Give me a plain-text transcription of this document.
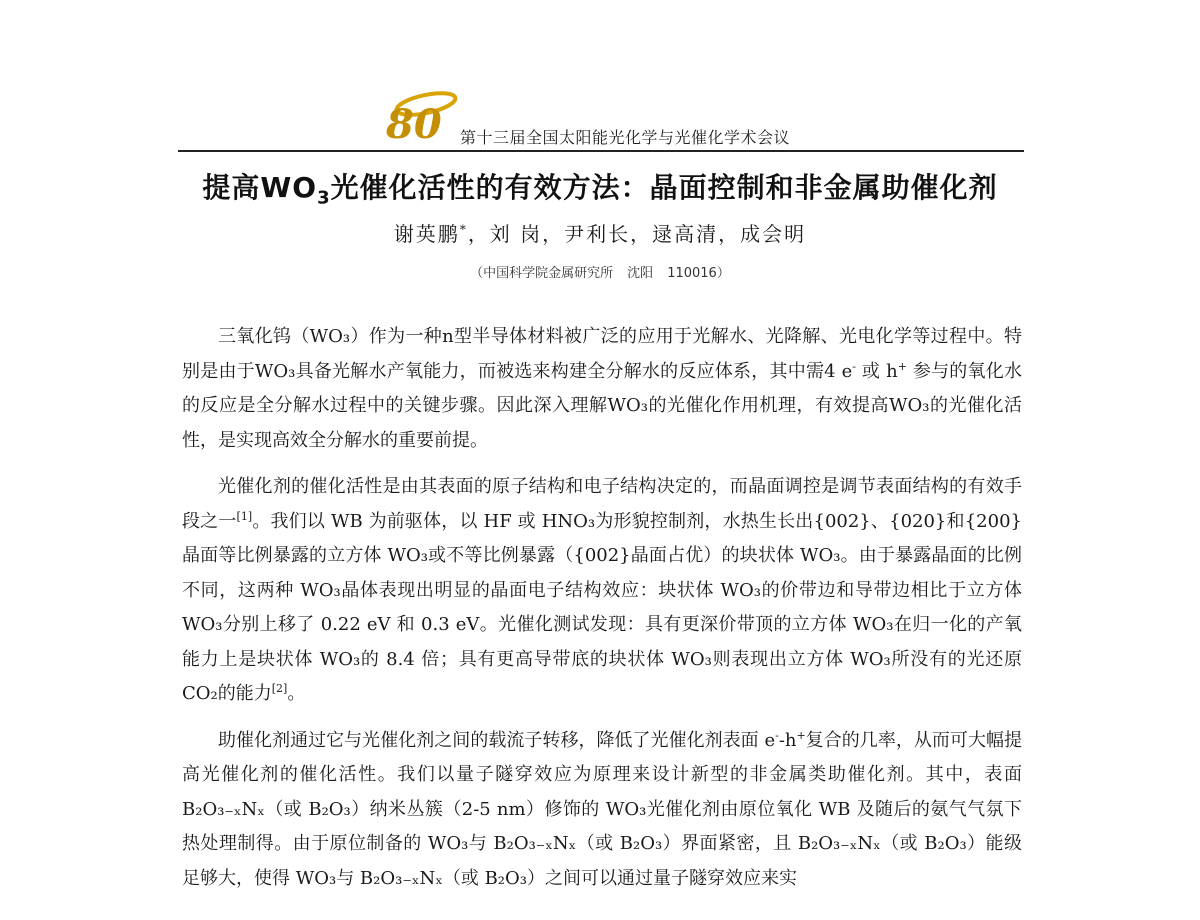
80 第十三届全国太阳能光化学与光催化学术会议
提高$WO_3$光催化活性的有效方法：晶面控制和非金属助催化剂
谢英鹏*，刘 岗，尹利长，逯高清，成会明
（中国科学院金属研究所 沈阳 110016）

三氧化钨（WO₃）作为一种n型半导体材料被广泛的应用于光解水、光降解、光电化学等过程中。特别是由于WO₃具备光解水产氧能力，而被选来构建全分解水的反应体系，其中需4 e- 或 h+ 参与的氧化水的反应是全分解水过程中的关键步骤。因此深入理解WO₃的光催化作用机理，有效提高WO₃的光催化活性，是实现高效全分解水的重要前提。

光催化剂的催化活性是由其表面的原子结构和电子结构决定的，而晶面调控是调节表面结构的有效手段之一[1]。我们以 WB 为前驱体，以 HF 或 HNO₃为形貌控制剂，水热生长出{002}、{020}和{200}晶面等比例暴露的立方体 WO₃或不等比例暴露（{002}晶面占优）的块状体 WO₃。由于暴露晶面的比例不同，这两种 WO₃晶体表现出明显的晶面电子结构效应：块状体 WO₃的价带边和导带边相比于立方体 WO₃分别上移了 0.22 eV 和 0.3 eV。光催化测试发现：具有更深价带顶的立方体 WO₃在归一化的产氧能力上是块状体 WO₃的 8.4 倍；具有更高导带底的块状体 WO₃则表现出立方体 WO₃所没有的光还原 CO₂的能力[2]。

助催化剂通过它与光催化剂之间的载流子转移，降低了光催化剂表面 e--h+复合的几率，从而可大幅提高光催化剂的催化活性。我们以量子隧穿效应为原理来设计新型的非金属类助催化剂。其中，表面 B₂O₃₋ₓNₓ（或 B₂O₃）纳米丛簇（2-5 nm）修饰的 WO₃光催化剂由原位氧化 WB 及随后的氨气气氛下热处理制得。由于原位制备的 WO₃与 B₂O₃₋ₓNₓ（或 B₂O₃）界面紧密，且 B₂O₃₋ₓNₓ（或 B₂O₃）能级足够大，使得 WO₃与 B₂O₃₋ₓNₓ（或 B₂O₃）之间可以通过量子隧穿效应来实
